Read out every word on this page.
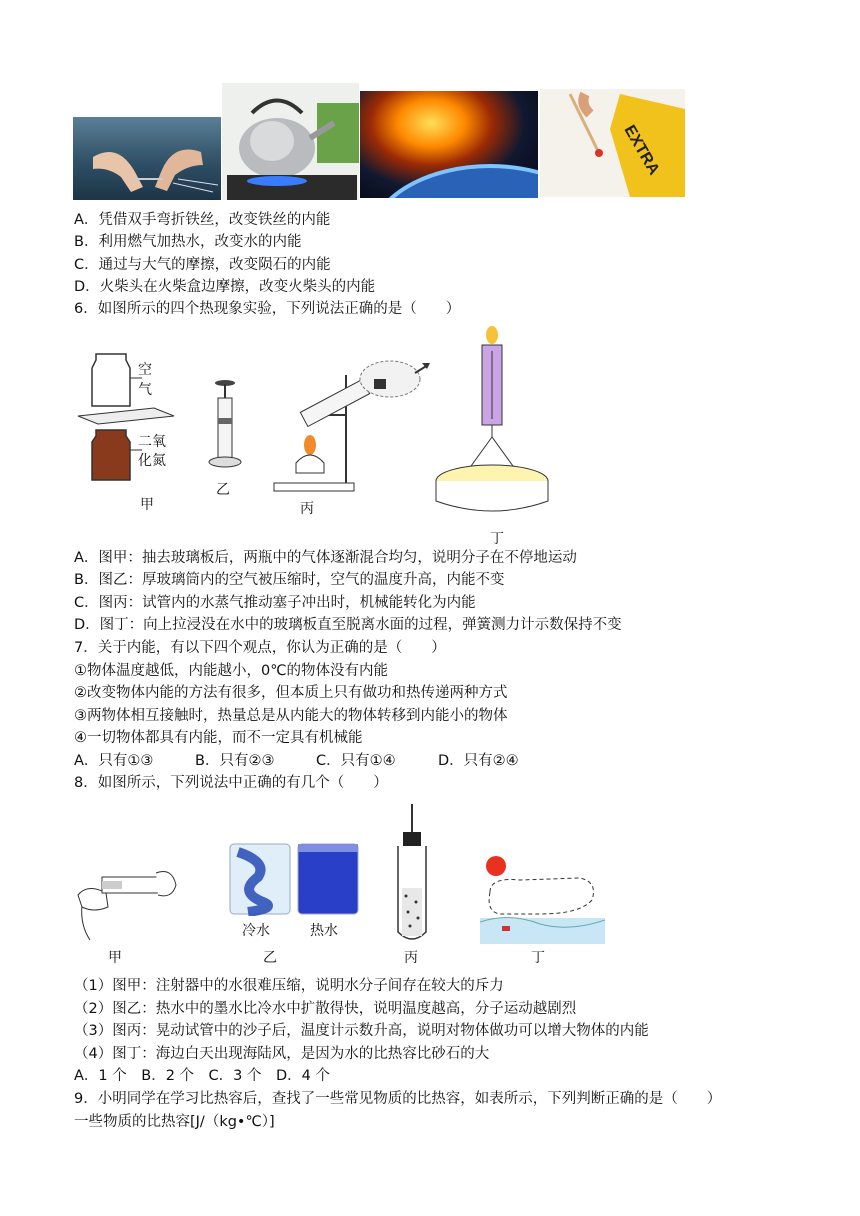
EXTRA
A．凭借双手弯折铁丝，改变铁丝的内能
B．利用燃气加热水，改变水的内能
C．通过与大气的摩擦，改变陨石的内能
D．火柴头在火柴盒边摩擦，改变火柴头的内能
6．如图所示的四个热现象实验，下列说法正确的是（　　）
空
气
二氧
化氮
甲
乙
丙
丁
A．图甲：抽去玻璃板后，两瓶中的气体逐渐混合均匀，说明分子在不停地运动
B．图乙：厚玻璃筒内的空气被压缩时，空气的温度升高，内能不变
C．图丙：试管内的水蒸气推动塞子冲出时，机械能转化为内能
D．图丁：向上拉浸没在水中的玻璃板直至脱离水面的过程，弹簧测力计示数保持不变
7．关于内能，有以下四个观点，你认为正确的是（　　）
①物体温度越低，内能越小，0℃的物体没有内能
②改变物体内能的方法有很多，但本质上只有做功和热传递两种方式
③两物体相互接触时，热量总是从内能大的物体转移到内能小的物体
④一切物体都具有内能，而不一定具有机械能
A．只有①③	B．只有②③	C．只有①④	D．只有②④
8．如图所示，下列说法中正确的有几个（　　）
甲
冷水	热水
乙	丙	丁
（1）图甲：注射器中的水很难压缩，说明水分子间存在较大的斥力
（2）图乙：热水中的墨水比冷水中扩散得快，说明温度越高，分子运动越剧烈
（3）图丙：晃动试管中的沙子后，温度计示数升高，说明对物体做功可以增大物体的内能
（4）图丁：海边白天出现海陆风，是因为水的比热容比砂石的大
A．1 个　B．2 个　C．3 个　D．4 个
9．小明同学在学习比热容后，查找了一些常见物质的比热容，如表所示，下列判断正确的是（　　）
一些物质的比热容[J/（kg•℃）]
